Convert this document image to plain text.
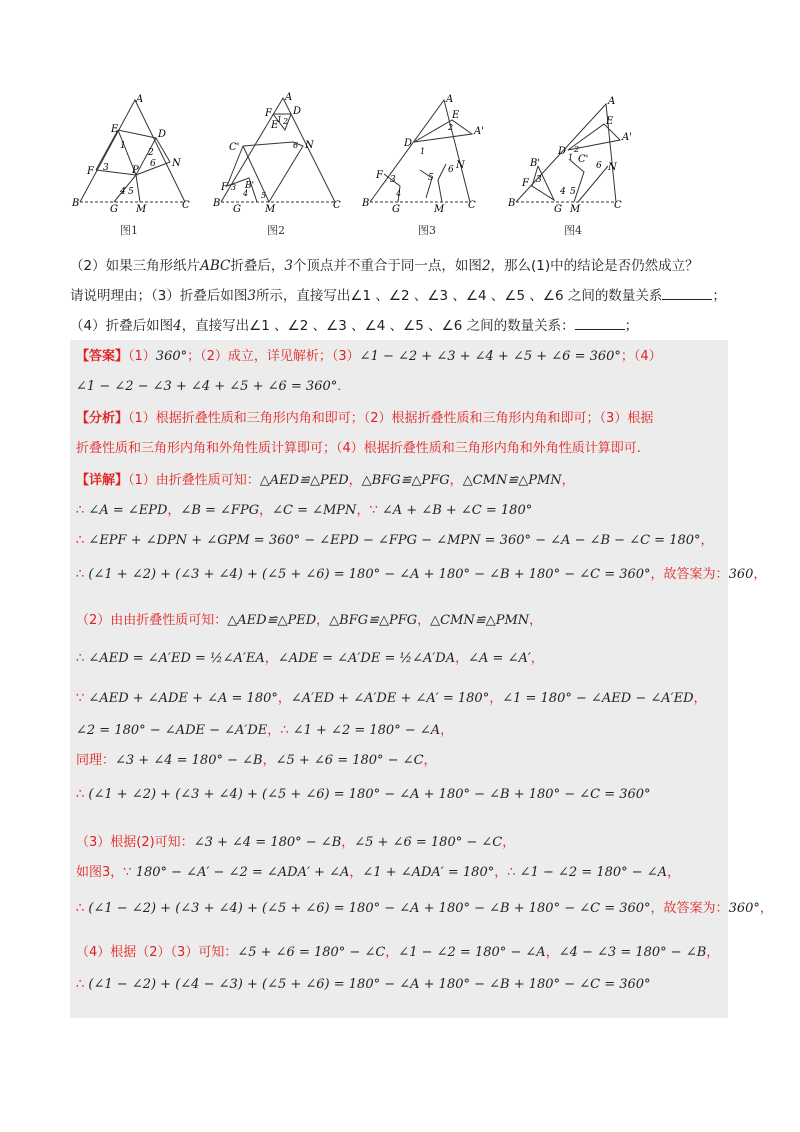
A
E	D
1
2
F 3	N
P
B
G
4 5
M	C
6
图1
A
F D
E
1 2
C'	N
B'
6
F 3
4 5
B
G M	C
图2
A
E
A'
D
1
2
6 N
F 3	5
4
B
G	M C
图3
A
E
A'
D 2
1
6 N
B'	C'
F 3
4 5
B
G M	C
图4
（2）如果三角形纸片ABC折叠后，3个顶点并不重合于同一点，如图2，那么(1)中的结论是否仍然成立？
请说明理由；（3）折叠后如图3所示，直接写出∠1 、∠2 、∠3 、∠4 、∠5 、∠6 之间的数量关系	；
（4）折叠后如图4，直接写出∠1 、∠2 、∠3 、∠4 、∠5 、∠6 之间的数量关系：	；
【答案】（1）360°；（2）成立，详见解析；（3）∠1 − ∠2 + ∠3 + ∠4 + ∠5 + ∠6 = 360°；（4）
∠1 − ∠2 − ∠3 + ∠4 + ∠5 + ∠6 = 360°．
【分析】（1）根据折叠性质和三角形内角和即可；（2）根据折叠性质和三角形内角和即可；（3）根据
折叠性质和三角形内角和外角性质计算即可；（4）根据折叠性质和三角形内角和外角性质计算即可.
【详解】（1）由折叠性质可知：△AED≌△PED，△BFG≌△PFG，△CMN≌△PMN，
∴ ∠A = ∠EPD，∠B = ∠FPG，∠C = ∠MPN，∵ ∠A + ∠B + ∠C = 180°
∴ ∠EPF + ∠DPN + ∠GPM = 360° − ∠EPD − ∠FPG − ∠MPN = 360° − ∠A − ∠B − ∠C = 180°，
∴ (∠1 + ∠2) + (∠3 + ∠4) + (∠5 + ∠6) = 180° − ∠A + 180° − ∠B + 180° − ∠C = 360°，故答案为：360，
（2）由由折叠性质可知：△AED≌△PED，△BFG≌△PFG，△CMN≌△PMN，
∴ ∠AED = ∠A′ED = ½∠A′EA，∠ADE = ∠A′DE = ½∠A′DA，∠A = ∠A′，
∵ ∠AED + ∠ADE + ∠A = 180°，∠A′ED + ∠A′DE + ∠A′ = 180°，∠1 = 180° − ∠AED − ∠A′ED，
∠2 = 180° − ∠ADE − ∠A′DE，∴ ∠1 + ∠2 = 180° − ∠A，
同理：∠3 + ∠4 = 180° − ∠B，∠5 + ∠6 = 180° − ∠C，
∴ (∠1 + ∠2) + (∠3 + ∠4) + (∠5 + ∠6) = 180° − ∠A + 180° − ∠B + 180° − ∠C = 360°
（3）根据(2)可知：∠3 + ∠4 = 180° − ∠B，∠5 + ∠6 = 180° − ∠C，
如图3，∵ 180° − ∠A′ − ∠2 = ∠ADA′ + ∠A，∠1 + ∠ADA′ = 180°，∴ ∠1 − ∠2 = 180° − ∠A，
∴ (∠1 − ∠2) + (∠3 + ∠4) + (∠5 + ∠6) = 180° − ∠A + 180° − ∠B + 180° − ∠C = 360°，故答案为：360°，
（4）根据（2）（3）可知：∠5 + ∠6 = 180° − ∠C，∠1 − ∠2 = 180° − ∠A，∠4 − ∠3 = 180° − ∠B，
∴ (∠1 − ∠2) + (∠4 − ∠3) + (∠5 + ∠6) = 180° − ∠A + 180° − ∠B + 180° − ∠C = 360°
